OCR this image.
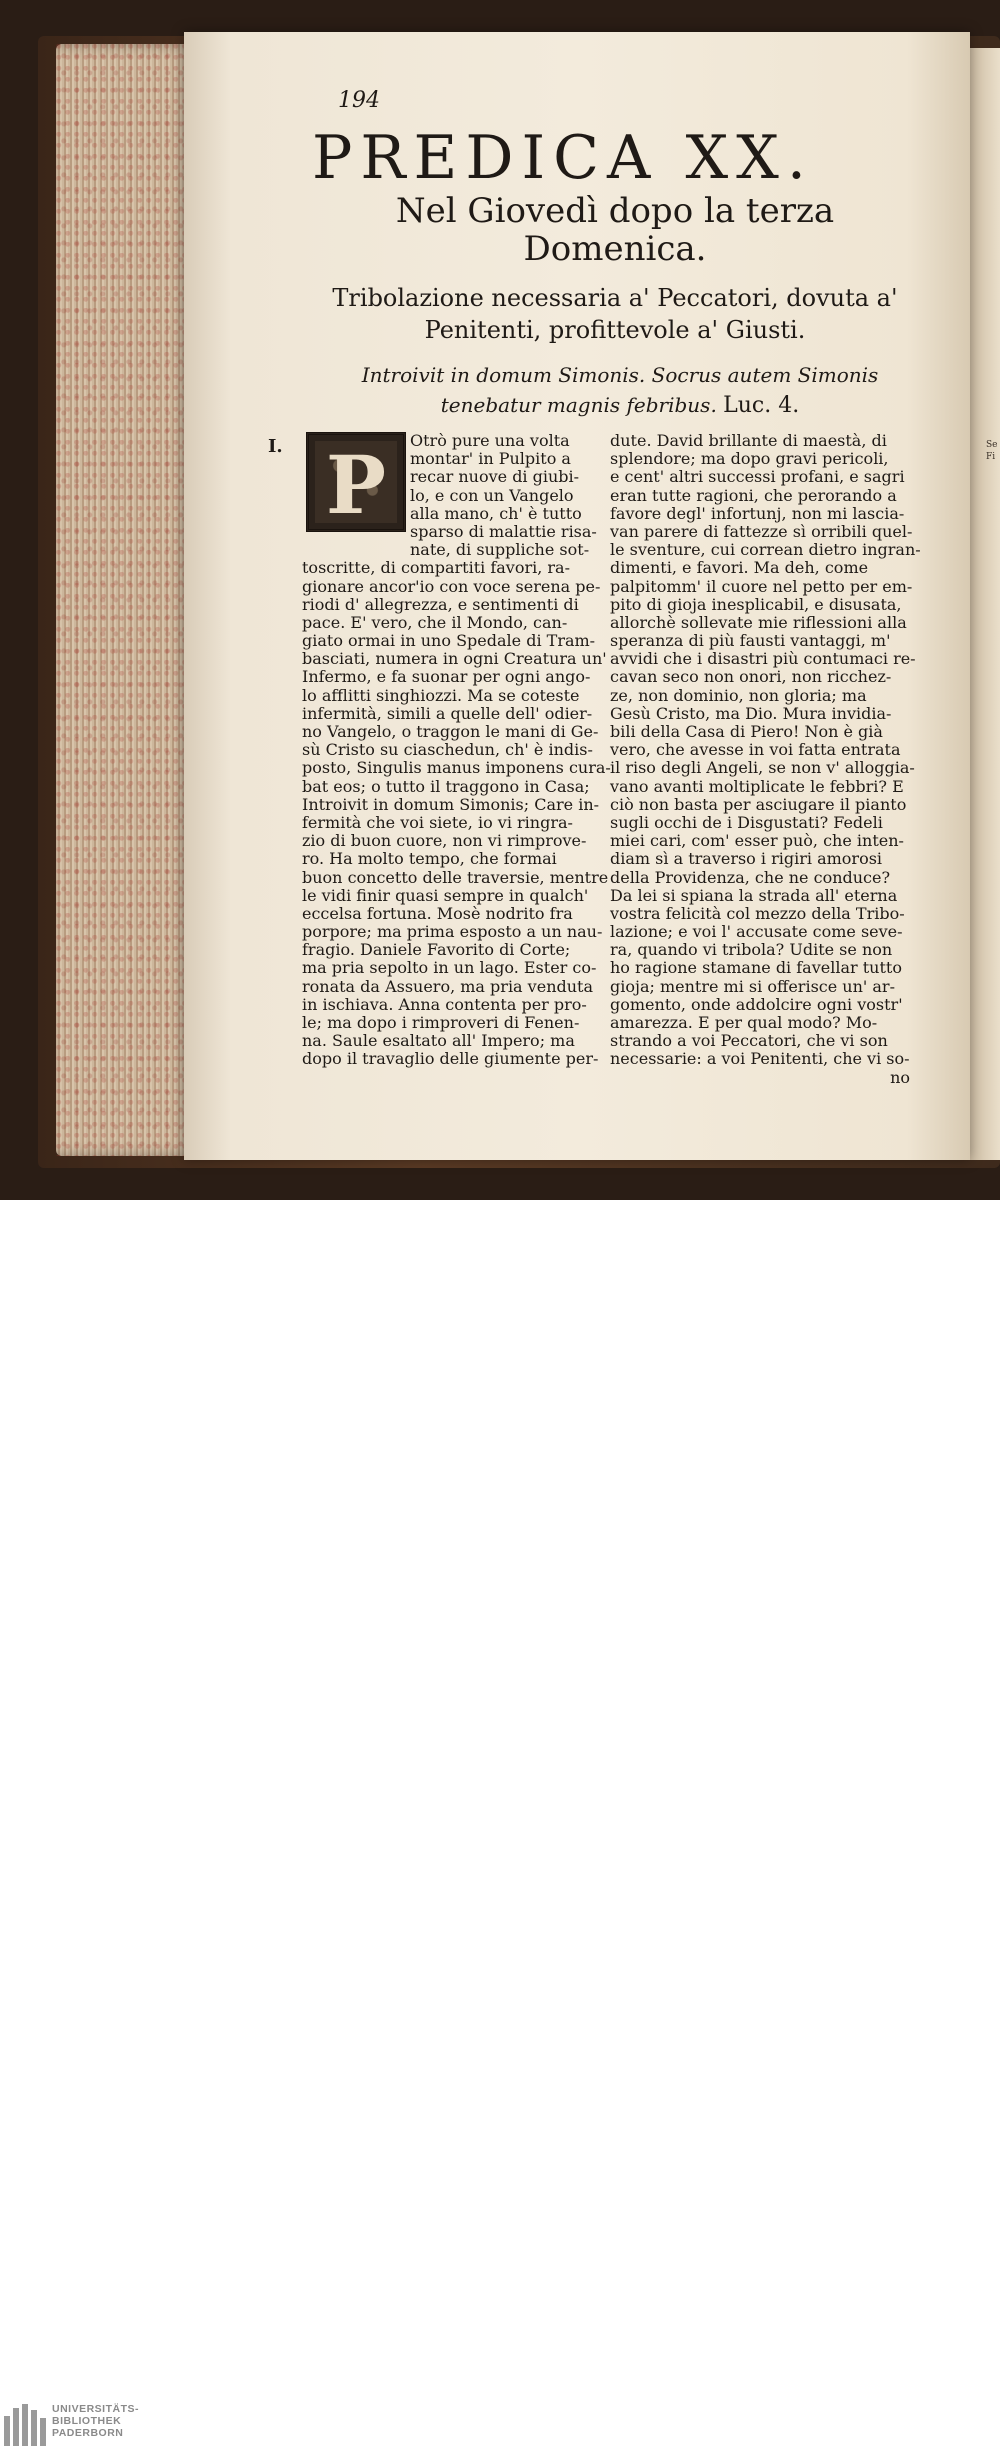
Se
Fi
194
PREDICA XX.
Nel Giovedì dopo la terza
Domenica.
Tribolazione necessaria a' Peccatori, dovuta a'
Penitenti, profittevole a' Giusti.
Introivit in domum Simonis. Socrus autem Simonis
tenebatur magnis febribus. Luc. 4.
I. P	Otrò pure una volta
montar' in Pulpito a
recar nuove di giubi-
lo, e con un Vangelo
alla mano, ch' è tutto
sparso di malattie risa-
nate, di suppliche sot-
toscritte, di compartiti favori, ra-
gionare ancor'io con voce serena pe-
riodi d' allegrezza, e sentimenti di
pace. E' vero, che il Mondo, can-
giato ormai in uno Spedale di Tram-
basciati, numera in ogni Creatura un'
Infermo, e fa suonar per ogni ango-
lo afflitti singhiozzi. Ma se coteste
infermità, simili a quelle dell' odier-
no Vangelo, o traggon le mani di Ge-
sù Cristo su ciaschedun, ch' è indis-
posto, Singulis manus imponens cura-
bat eos; o tutto il traggono in Casa;
Introivit in domum Simonis; Care in-
fermità che voi siete, io vi ringra-
zio di buon cuore, non vi rimprove-
ro. Ha molto tempo, che formai
buon concetto delle traversie, mentre
le vidi finir quasi sempre in qualch'
eccelsa fortuna. Mosè nodrito fra
porpore; ma prima esposto a un nau-
fragio. Daniele Favorito di Corte;
ma pria sepolto in un lago. Ester co-
ronata da Assuero, ma pria venduta
in ischiava. Anna contenta per pro-
le; ma dopo i rimproveri di Fenen-
na. Saule esaltato all' Impero; ma
dopo il travaglio delle giumente per-
dute. David brillante di maestà, di
splendore; ma dopo gravi pericoli,
e cent' altri successi profani, e sagri
eran tutte ragioni, che perorando a
favore degl' infortunj, non mi lascia-
van parere di fattezze sì orribili quel-
le sventure, cui correan dietro ingran-
dimenti, e favori. Ma deh, come
palpitomm' il cuore nel petto per em-
pito di gioja inesplicabil, e disusata,
allorchè sollevate mie riflessioni alla
speranza di più fausti vantaggi, m'
avvidi che i disastri più contumaci re-
cavan seco non onori, non ricchez-
ze, non dominio, non gloria; ma
Gesù Cristo, ma Dio. Mura invidia-
bili della Casa di Piero! Non è già
vero, che avesse in voi fatta entrata
il riso degli Angeli, se non v' alloggia-
vano avanti moltiplicate le febbri? E
ciò non basta per asciugare il pianto
sugli occhi de i Disgustati? Fedeli
miei cari, com' esser può, che inten-
diam sì a traverso i rigiri amorosi
della Providenza, che ne conduce?
Da lei si spiana la strada all' eterna
vostra felicità col mezzo della Tribo-
lazione; e voi l' accusate come seve-
ra, quando vi tribola? Udite se non
ho ragione stamane di favellar tutto
gioja; mentre mi si offerisce un' ar-
gomento, onde addolcire ogni vostr'
amarezza. E per qual modo? Mo-
strando a voi Peccatori, che vi son
necessarie: a voi Penitenti, che vi so-
no
UNIVERSITÄTS-
BIBLIOTHEK
PADERBORN
